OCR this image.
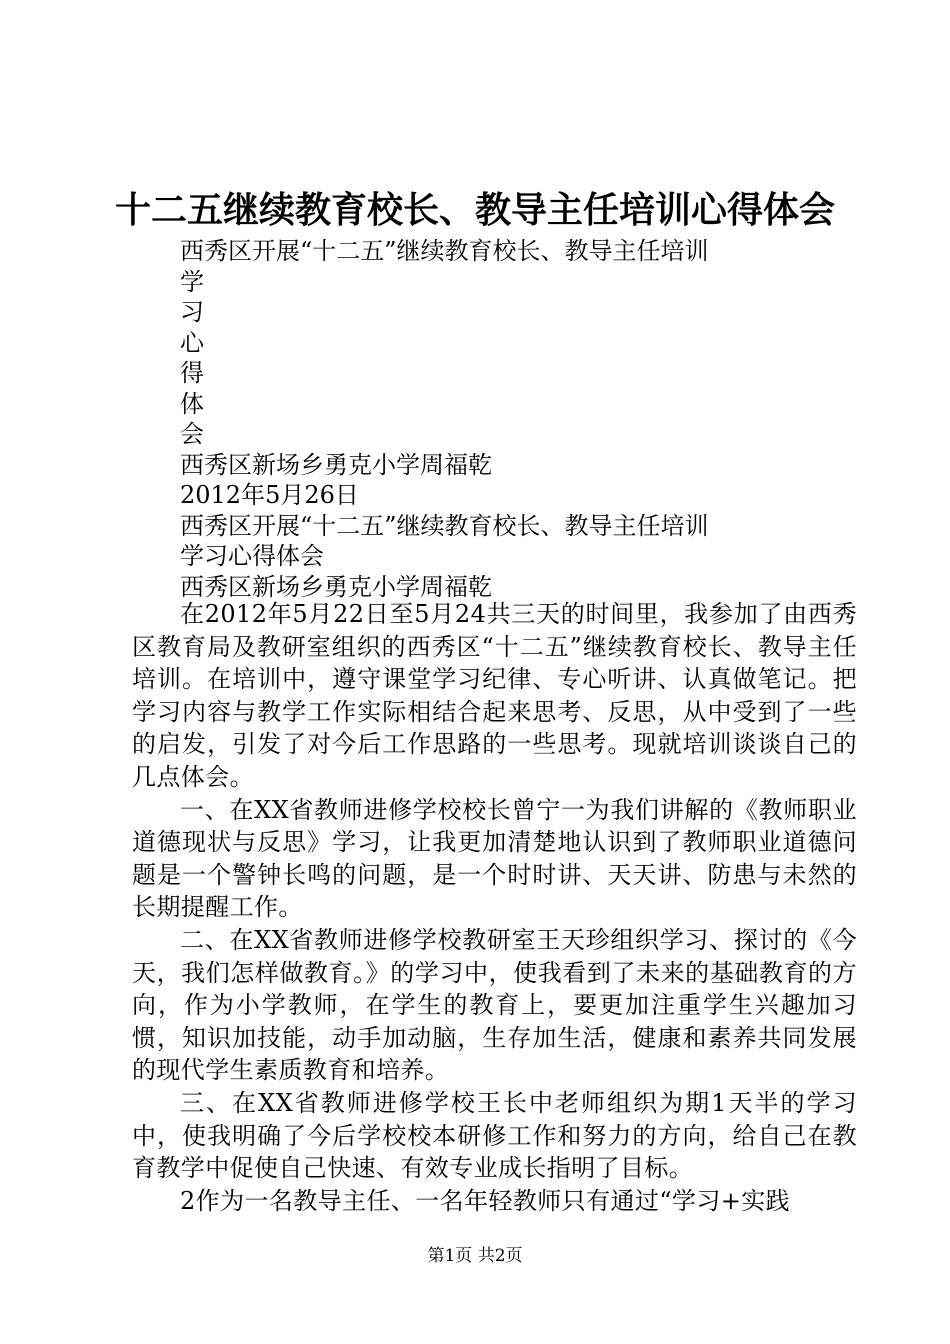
十二五继续教育校长、教导主任培训心得体会
西秀区开展“十二五”继续教育校长、教导主任培训
学
习
心
得
体
会
西秀区新场乡勇克小学周福乾
2012年5月26日
西秀区开展“十二五”继续教育校长、教导主任培训
学习心得体会
西秀区新场乡勇克小学周福乾

在2012年5月22日至5月24共三天的时间里，我参加了由西秀区教育局及教研室组织的西秀区“十二五”继续教育校长、教导主任培训。在培训中，遵守课堂学习纪律、专心听讲、认真做笔记。把学习内容与教学工作实际相结合起来思考、反思，从中受到了一些的启发，引发了对今后工作思路的一些思考。现就培训谈谈自己的几点体会。

一、在XX省教师进修学校校长曾宁一为我们讲解的《教师职业道德现状与反思》学习，让我更加清楚地认识到了教师职业道德问题是一个警钟长鸣的问题，是一个时时讲、天天讲、防患与未然的长期提醒工作。

二、在XX省教师进修学校教研室王天珍组织学习、探讨的《今天，我们怎样做教育。》的学习中，使我看到了未来的基础教育的方向，作为小学教师，在学生的教育上，要更加注重学生兴趣加习惯，知识加技能，动手加动脑，生存加生活，健康和素养共同发展的现代学生素质教育和培养。

三、在XX省教师进修学校王长中老师组织为期1天半的学习中，使我明确了今后学校校本研修工作和努力的方向，给自己在教育教学中促使自己快速、有效专业成长指明了目标。

2作为一名教导主任、一名年轻教师只有通过“学习+实践

第1页 共2页
